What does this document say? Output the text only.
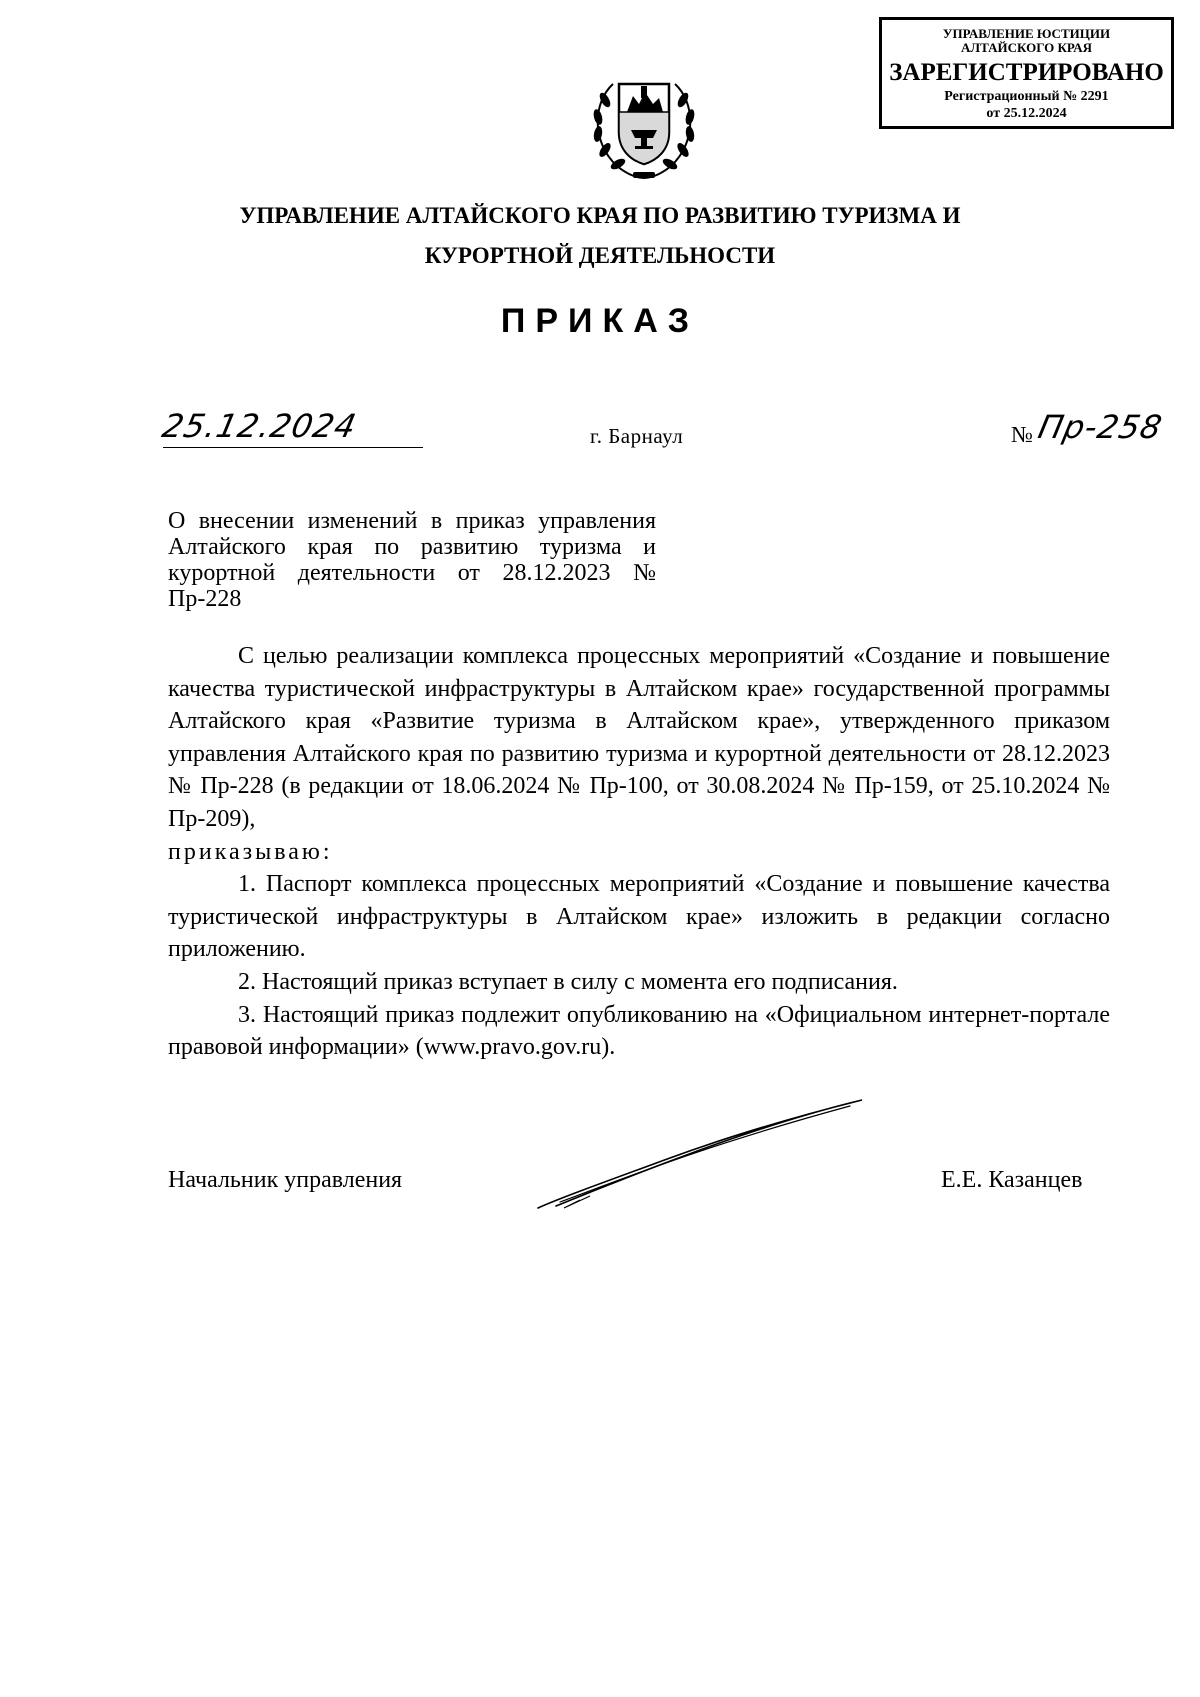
УПРАВЛЕНИЕ ЮСТИЦИИ
АЛТАЙСКОГО КРАЯ
ЗАРЕГИСТРИРОВАНО
Регистрационный № 2291
от 25.12.2024
УПРАВЛЕНИЕ АЛТАЙСКОГО КРАЯ ПО РАЗВИТИЮ ТУРИЗМА И
КУРОРТНОЙ ДЕЯТЕЛЬНОСТИ
ПРИКАЗ
25.12.2024	г. Барнаул	№ Пр-258
О внесении изменений в приказ управления Алтайского края по развитию туризма и курортной деятельности от 28.12.2023 № Пр-228

С целью реализации комплекса процессных мероприятий «Создание и повышение качества туристической инфраструктуры в Алтайском крае» государственной программы Алтайского края «Развитие туризма в Алтайском крае», утвержденного приказом управления Алтайского края по развитию туризма и курортной деятельности от 28.12.2023 № Пр-228 (в редакции от 18.06.2024 № Пр-100, от 30.08.2024 № Пр-159, от 25.10.2024 № Пр-209),

приказываю:

1. Паспорт комплекса процессных мероприятий «Создание и повышение качества туристической инфраструктуры в Алтайском крае» изложить в редакции согласно приложению.

2. Настоящий приказ вступает в силу с момента его подписания.

3. Настоящий приказ подлежит опубликованию на «Официальном интернет-портале правовой информации» (www.pravo.gov.ru).

Начальник управления	Е.Е. Казанцев
